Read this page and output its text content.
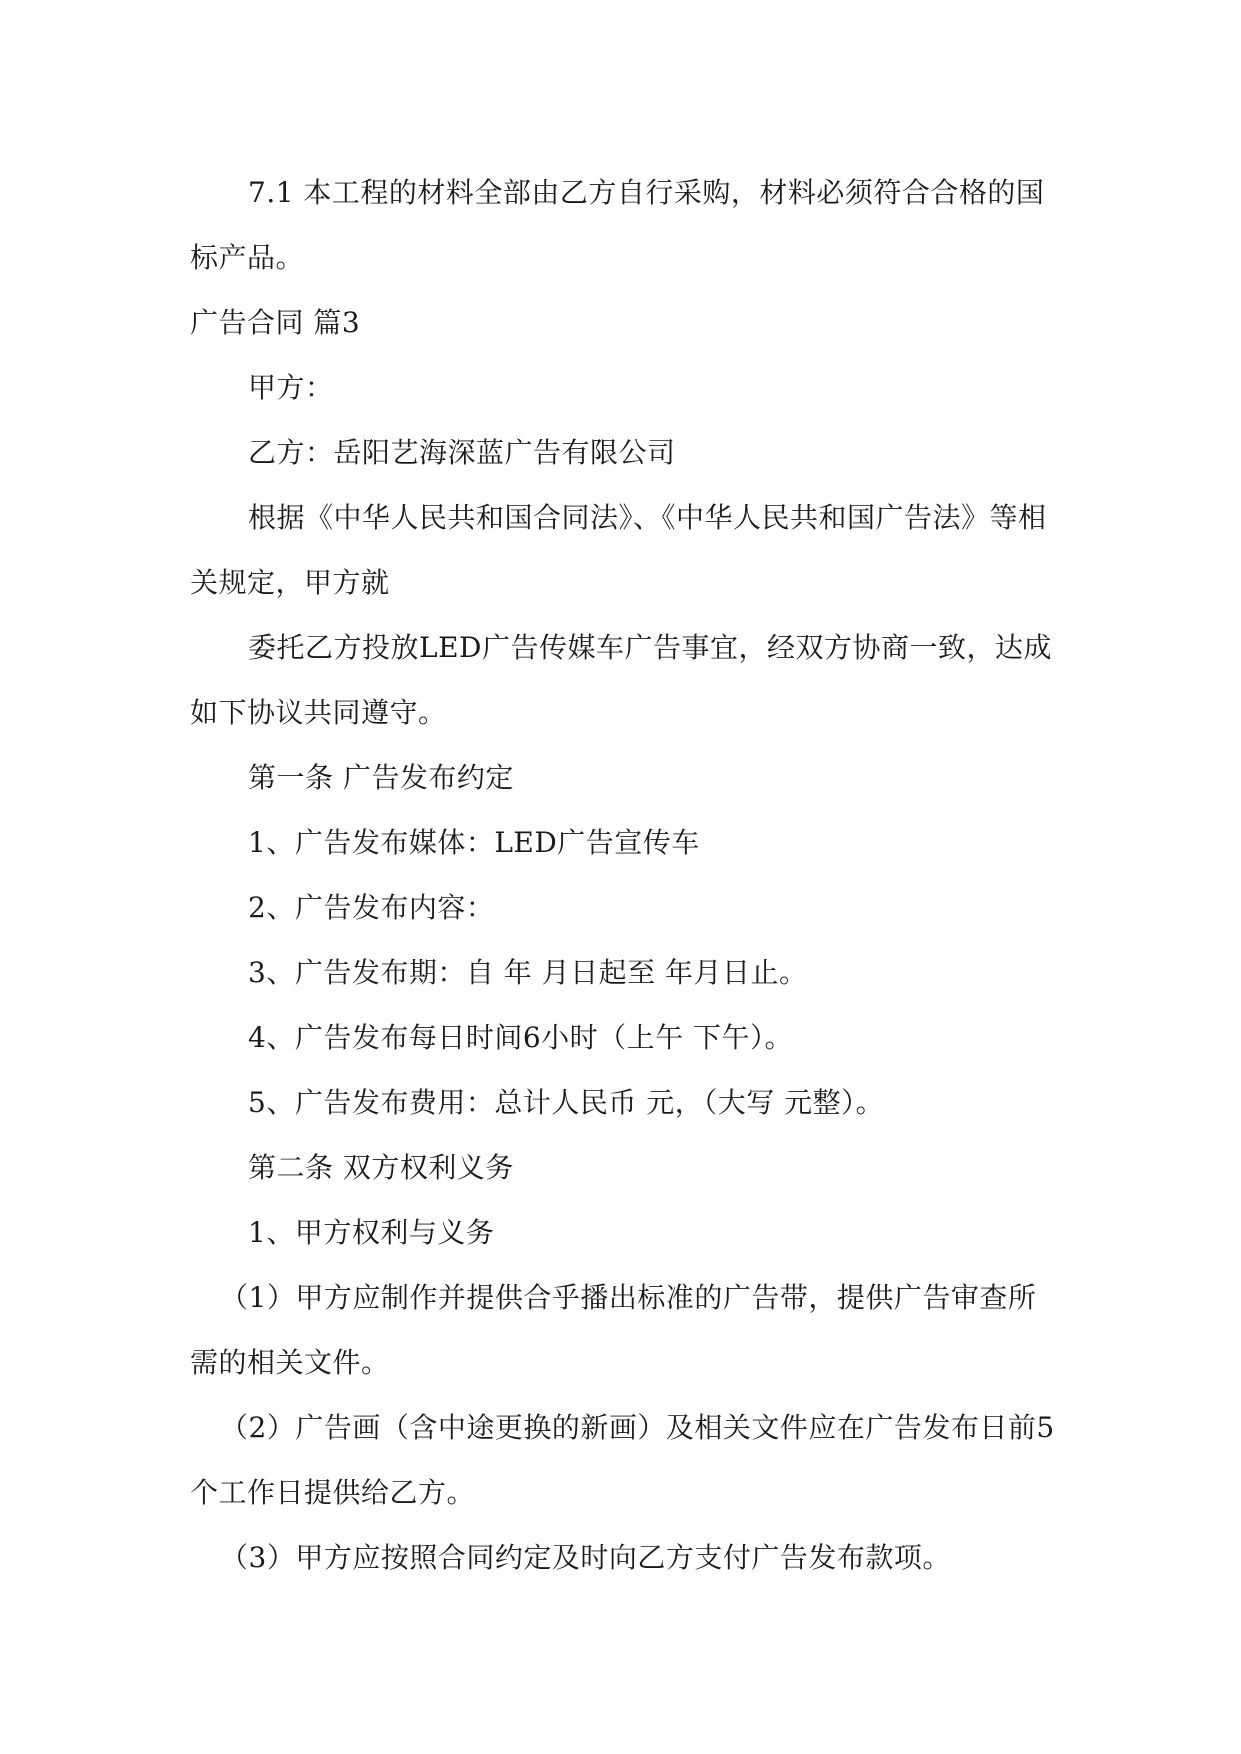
7.1 本工程的材料全部由乙方自行采购，材料必须符合合格的国标产品。

广告合同 篇3

甲方：

乙方：岳阳艺海深蓝广告有限公司

根据《中华人民共和国合同法》、《中华人民共和国广告法》等相关规定，甲方就

委托乙方投放LED广告传媒车广告事宜，经双方协商一致，达成如下协议共同遵守。

第一条 广告发布约定

1、广告发布媒体：LED广告宣传车

2、广告发布内容：

3、广告发布期：自 年 月日起至 年月日止。

4、广告发布每日时间6小时（上午 下午）。

5、广告发布费用：总计人民币 元，（大写 元整）。

第二条 双方权利义务

1、甲方权利与义务

（1）甲方应制作并提供合乎播出标准的广告带，提供广告审查所需的相关文件。

（2）广告画（含中途更换的新画）及相关文件应在广告发布日前5个工作日提供给乙方。

（3）甲方应按照合同约定及时向乙方支付广告发布款项。
